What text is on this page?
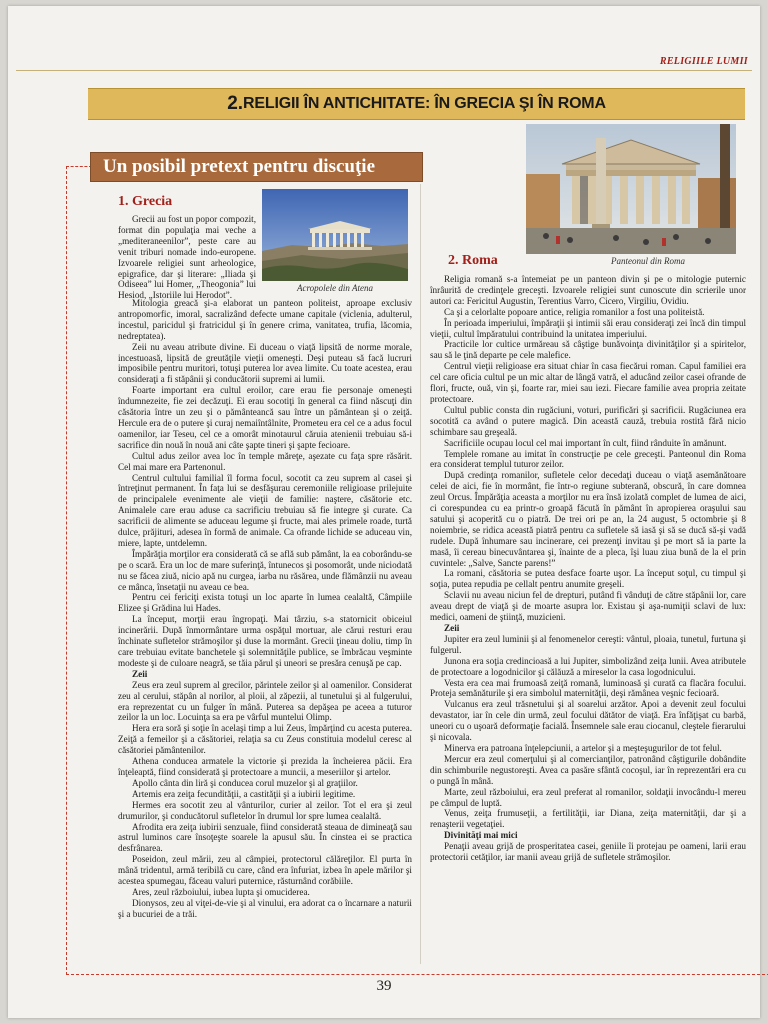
RELIGIILE LUMII
2. RELIGII ÎN ANTICHITATE: ÎN GRECIA ŞI ÎN ROMA
Un posibil pretext pentru discuţie
1. Grecia
Acropolele din Atena

Grecii au fost un popor compozit, format din populaţia mai veche a „mediteraneenilor”, peste care au venit triburi nomade indo-europene. Izvoarele religiei sunt arheologice, epigrafice, dar şi literare: „Iliada şi Odiseea” lui Homer, „Theogonia” lui Hesiod, „Istoriile lui Herodot”.

Mitologia greacă şi-a elaborat un panteon politeist, aproape exclusiv antropomorfic, imoral, sacralizând defecte umane capitale (viclenia, adulterul, incestul, paricidul şi fratricidul şi în genere crima, vanitatea, trufia, lăcomia, nedreptatea).

Zeii nu aveau atribute divine. Ei duceau o viaţă lipsită de norme morale, incestuoasă, lipsită de greutăţile vieţii omeneşti. Deşi puteau să facă lucruri imposibile pentru muritori, totuşi puterea lor avea limite. Cu toate acestea, erau consideraţi a fi stăpânii şi conducătorii supremi ai lumii.

Foarte important era cultul eroilor, care erau fie personaje omeneşti îndumnezeite, fie zei decăzuţi. Ei erau socotiţi în general ca fiind născuţi din căsătoria între un zeu şi o pământeancă sau între un pământean şi o zeiţă. Hercule era de o putere şi curaj nemaiîntâlnite, Prometeu era cel ce a adus focul oamenilor, iar Teseu, cel ce a omorât minotaurul căruia atenienii trebuiau să-i sacrifice din nouă în nouă ani câte şapte tineri şi şapte fecioare.

Cultul adus zeilor avea loc în temple măreţe, aşezate cu faţa spre răsărit. Cel mai mare era Partenonul.

Centrul cultului familial îl forma focul, socotit ca zeu suprem al casei şi întreţinut permanent. În faţa lui se desfăşurau ceremoniile religioase prilejuite de principalele evenimente ale vieţii de familie: naştere, căsătorie etc. Animalele care erau aduse ca sacrificiu trebuiau să fie integre şi curate. Ca sacrificii de alimente se aduceau legume şi fructe, mai ales primele roade, turtă dulce, prăjituri, adesea în formă de animale. Ca ofrande lichide se aduceau vin, miere, lapte, untdelemn.

Împărăţia morţilor era considerată că se află sub pământ, la ea coborându-se pe o scară. Era un loc de mare suferinţă, întunecos şi posomorât, unde niciodată nu se făcea ziuă, nicio apă nu curgea, iarba nu răsărea, unde flămânzii nu aveau ce mânca, însetaţii nu aveau ce bea.

Pentru cei fericiţi exista totuşi un loc aparte în lumea cealaltă, Câmpiile Elizee şi Grădina lui Hades.

La început, morţii erau îngropaţi. Mai târziu, s-a statornicit obiceiul incinerării. După înmormântare urma ospăţul mortuar, ale cărui resturi erau închinate sufletelor strămoşilor şi duse la mormânt. Grecii ţineau doliu, timp în care trebuiau evitate banchetele şi solemnităţile publice, se îmbrăcau veşminte modeste şi de culoare neagră, se tăia părul şi uneori se presăra cenuşă pe cap.

Zeii

Zeus era zeul suprem al grecilor, părintele zeilor şi al oamenilor. Considerat zeu al cerului, stăpân al norilor, al ploii, al zăpezii, al tunetului şi al fulgerului, era reprezentat cu un fulger în mână. Puterea sa depăşea pe aceea a tuturor zeilor la un loc. Locuinţa sa era pe vârful muntelui Olimp.

Hera era soră şi soţie în acelaşi timp a lui Zeus, împărţind cu acesta puterea. Zeiţă a femeilor şi a căsătoriei, relaţia sa cu Zeus constituia modelul ceresc al căsătoriei pământenilor.

Athena conducea armatele la victorie şi prezida la încheierea păcii. Era înţeleaptă, fiind considerată şi protectoare a muncii, a meseriilor şi artelor.

Apollo cânta din liră şi conducea corul muzelor şi al graţiilor.

Artemis era zeiţa fecundităţii, a castităţii şi a iubirii legitime.

Hermes era socotit zeu al vânturilor, curier al zeilor. Tot el era şi zeul drumurilor, şi conducătorul sufletelor în drumul lor spre lumea cealaltă.

Afrodita era zeiţa iubirii senzuale, fiind considerată steaua de dimineaţă sau astrul luminos care însoţeşte soarele la apusul său. În cinstea ei se practica desfrânarea.

Poseidon, zeul mării, zeu al câmpiei, protectorul călăreţilor. El purta în mână tridentul, armă teribilă cu care, când era înfuriat, izbea în apele mărilor şi acestea spumegau, făceau valuri puternice, răsturnând corăbiile.

Ares, zeul războiului, iubea lupta şi omuciderea.

Dionysos, zeu al viţei-de-vie şi al vinului, era adorat ca o încarnare a naturii şi a bucuriei de a trăi.

Panteonul din Roma
2. Roma

Religia romană s-a întemeiat pe un panteon divin şi pe o mitologie puternic înrâurită de credinţele greceşti. Izvoarele religiei sunt cunoscute din scrierile unor autori ca: Fericitul Augustin, Terentius Varro, Cicero, Virgiliu, Ovidiu.

Ca şi a celorlalte popoare antice, religia romanilor a fost una politeistă.

În perioada imperiului, împăraţii şi intimii săi erau consideraţi zei încă din timpul vieţii, cultul împăratului contribuind la unitatea imperiului.

Practicile lor cultice urmăreau să câştige bunăvoinţa divinităţilor şi a spiritelor, sau să le ţină departe pe cele malefice.

Centrul vieţii religioase era situat chiar în casa fiecărui roman. Capul familiei era cel care oficia cultul pe un mic altar de lângă vatră, el aducând zeilor casei ofrande de flori, fructe, ouă, vin şi, foarte rar, miei sau iezi. Fiecare familie avea propria zeitate protectoare.

Cultul public consta din rugăciuni, voturi, purificări şi sacrificii. Rugăciunea era socotită ca având o putere magică. Din această cauză, trebuia rostită fără nicio schimbare sau greşeală.

Sacrificiile ocupau locul cel mai important în cult, fiind rânduite în amănunt.

Templele romane au imitat în construcţie pe cele greceşti. Panteonul din Roma era considerat templul tuturor zeilor.

După credinţa romanilor, sufletele celor decedaţi duceau o viaţă asemănătoare celei de aici, fie în mormânt, fie într-o regiune subterană, obscură, în care domnea zeul Orcus. Împărăţia aceasta a morţilor nu era însă izolată complet de lumea de aici, ci corespundea cu ea printr-o groapă făcută în pământ în apropierea oraşului sau satului şi acoperită cu o piatră. De trei ori pe an, la 24 august, 5 octombrie şi 8 noiembrie, se ridica această piatră pentru ca sufletele să iasă şi să se ducă să-şi vadă rudele. După înhumare sau incinerare, cei prezenţi invitau şi pe mort să ia parte la masă, îi cereau binecuvântarea şi, înainte de a pleca, îşi luau ziua bună de la el prin cuvintele: „Salve, Sancte parens!”

La romani, căsătoria se putea desface foarte uşor. La început soţul, cu timpul şi soţia, putea repudia pe cellalt pentru anumite greşeli.

Sclavii nu aveau niciun fel de drepturi, putând fi vânduţi de către stăpânii lor, care aveau drept de viaţă şi de moarte asupra lor. Existau şi aşa-numiţii sclavi de lux: medici, oameni de ştiinţă, muzicieni.

Zeii

Jupiter era zeul luminii şi al fenomenelor cereşti: vântul, ploaia, tunetul, furtuna şi fulgerul.

Junona era soţia credincioasă a lui Jupiter, simbolizând zeiţa lunii. Avea atributele de protectoare a logodnicilor şi călăuză a mireselor la casa logodnicului.

Vesta era cea mai frumoasă zeiţă romană, luminoasă şi curată ca flacăra focului. Proteja semănăturile şi era simbolul maternităţii, deşi rămânea veşnic fecioară.

Vulcanus era zeul trăsnetului şi al soarelui arzător. Apoi a devenit zeul focului devastator, iar în cele din urmă, zeul focului dătător de viaţă. Era înfăţişat cu barbă, uneori cu o uşoară deformaţie facială. Însemnele sale erau ciocanul, cleştele fierarului şi nicovala.

Minerva era patroana înţelepciunii, a artelor şi a meşteşugurilor de tot felul.

Mercur era zeul comerţului şi al comercianţilor, patronând câştigurile dobândite din schimburile negustoreşti. Avea ca pasăre sfântă cocoşul, iar în reprezentări era cu o pungă în mână.

Marte, zeul războiului, era zeul preferat al romanilor, soldaţii invocându-l mereu pe câmpul de luptă.

Venus, zeiţa frumuseţii, a fertilităţii, iar Diana, zeiţa maternităţii, dar şi a renaşterii vegetaţiei.

Divinităţi mai mici

Penaţii aveau grijă de prosperitatea casei, geniile îi protejau pe oameni, larii erau protectorii cetăţilor, iar manii aveau grijă de sufletele strămoşilor.

39
